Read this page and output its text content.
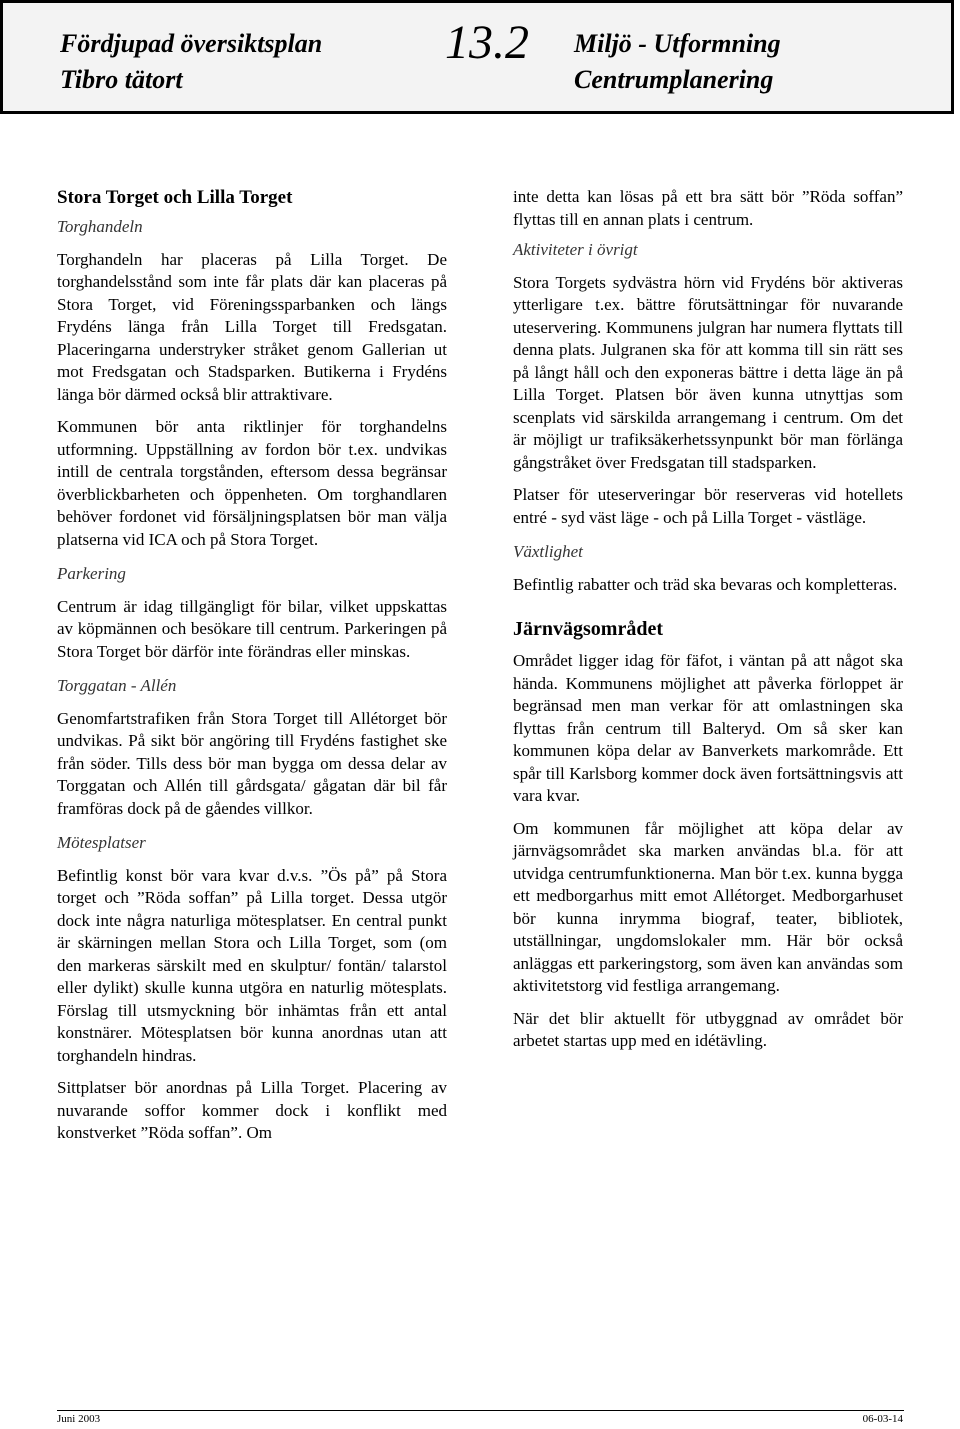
Fördjupad översiktsplan
Tibro tätort
13.2 Miljö - Utformning
Centrumplanering
Stora Torget och Lilla Torget
Torghandeln

Torghandeln har placeras på Lilla Torget. De torghandelsstånd som inte får plats där kan placeras på Stora Torget, vid Föreningssparbanken och längs Frydéns länga från Lilla Torget till Fredsgatan. Placeringarna understryker stråket genom Gallerian ut mot Fredsgatan och Stadsparken. Butikerna i Frydéns länga bör därmed också blir attraktivare.

Kommunen bör anta riktlinjer för torghandelns utformning. Uppställning av fordon bör t.ex. undvikas intill de centrala torgstånden, eftersom dessa begränsar överblickbarheten och öppenheten. Om torghandlaren behöver fordonet vid försäljningsplatsen bör man välja platserna vid ICA och på Stora Torget.

Parkering

Centrum är idag tillgängligt för bilar, vilket uppskattas av köpmännen och besökare till centrum. Parkeringen på Stora Torget bör därför inte förändras eller minskas.

Torggatan - Allén

Genomfartstrafiken från Stora Torget till Allétorget bör undvikas. På sikt bör angöring till Frydéns fastighet ske från söder. Tills dess bör man bygga om dessa delar av Torggatan och Allén till gårdsgata/ gågatan där bil får framföras dock på de gåendes villkor.

Mötesplatser

Befintlig konst bör vara kvar d.v.s. ”Ös på” på Stora torget och ”Röda soffan” på Lilla torget. Dessa utgör dock inte några naturliga mötesplatser. En central punkt är skärningen mellan Stora och Lilla Torget, som (om den markeras särskilt med en skulptur/ fontän/ talarstol eller dylikt) skulle kunna utgöra en naturlig mötesplats. Förslag till utsmyckning bör inhämtas från ett antal konstnärer. Mötesplatsen bör kunna anordnas utan att torghandeln hindras.

Sittplatser bör anordnas på Lilla Torget. Placering av nuvarande soffor kommer dock i konflikt med konstverket ”Röda soffan”. Om

inte detta kan lösas på ett bra sätt bör ”Röda soffan” flyttas till en annan plats i centrum.

Aktiviteter i övrigt

Stora Torgets sydvästra hörn vid Frydéns bör aktiveras ytterligare t.ex. bättre förutsättningar för nuvarande uteservering. Kommunens julgran har numera flyttats till denna plats. Julgranen ska för att komma till sin rätt ses på långt håll och den exponeras bättre i detta läge än på Lilla Torget. Platsen bör även kunna utnyttjas som scenplats vid särskilda arrangemang i centrum. Om det är möjligt ur trafiksäkerhetssynpunkt bör man förlänga gångstråket över Fredsgatan till stadsparken.

Platser för uteserveringar bör reserveras vid hotellets entré - syd väst läge - och på Lilla Torget - västläge.

Växtlighet

Befintlig rabatter och träd ska bevaras och kompletteras.

Järnvägsområdet

Området ligger idag för fäfot, i väntan på att något ska hända. Kommunens möjlighet att påverka förloppet är begränsad men man verkar för att omlastningen ska flyttas från centrum till Balteryd. Om så sker kan kommunen köpa delar av Banverkets markområde. Ett spår till Karlsborg kommer dock även fortsättningsvis att vara kvar.

Om kommunen får möjlighet att köpa delar av järnvägsområdet ska marken användas bl.a. för att utvidga centrumfunktionerna. Man bör t.ex. kunna bygga ett medborgarhus mitt emot Allétorget. Medborgarhuset bör kunna inrymma biograf, teater, bibliotek, utställningar, ungdomslokaler mm. Här bör också anläggas ett parkeringstorg, som även kan användas som aktivitetstorg vid festliga arrangemang.

När det blir aktuellt för utbyggnad av området bör arbetet startas upp med en idétävling.

Juni 2003	06-03-14
